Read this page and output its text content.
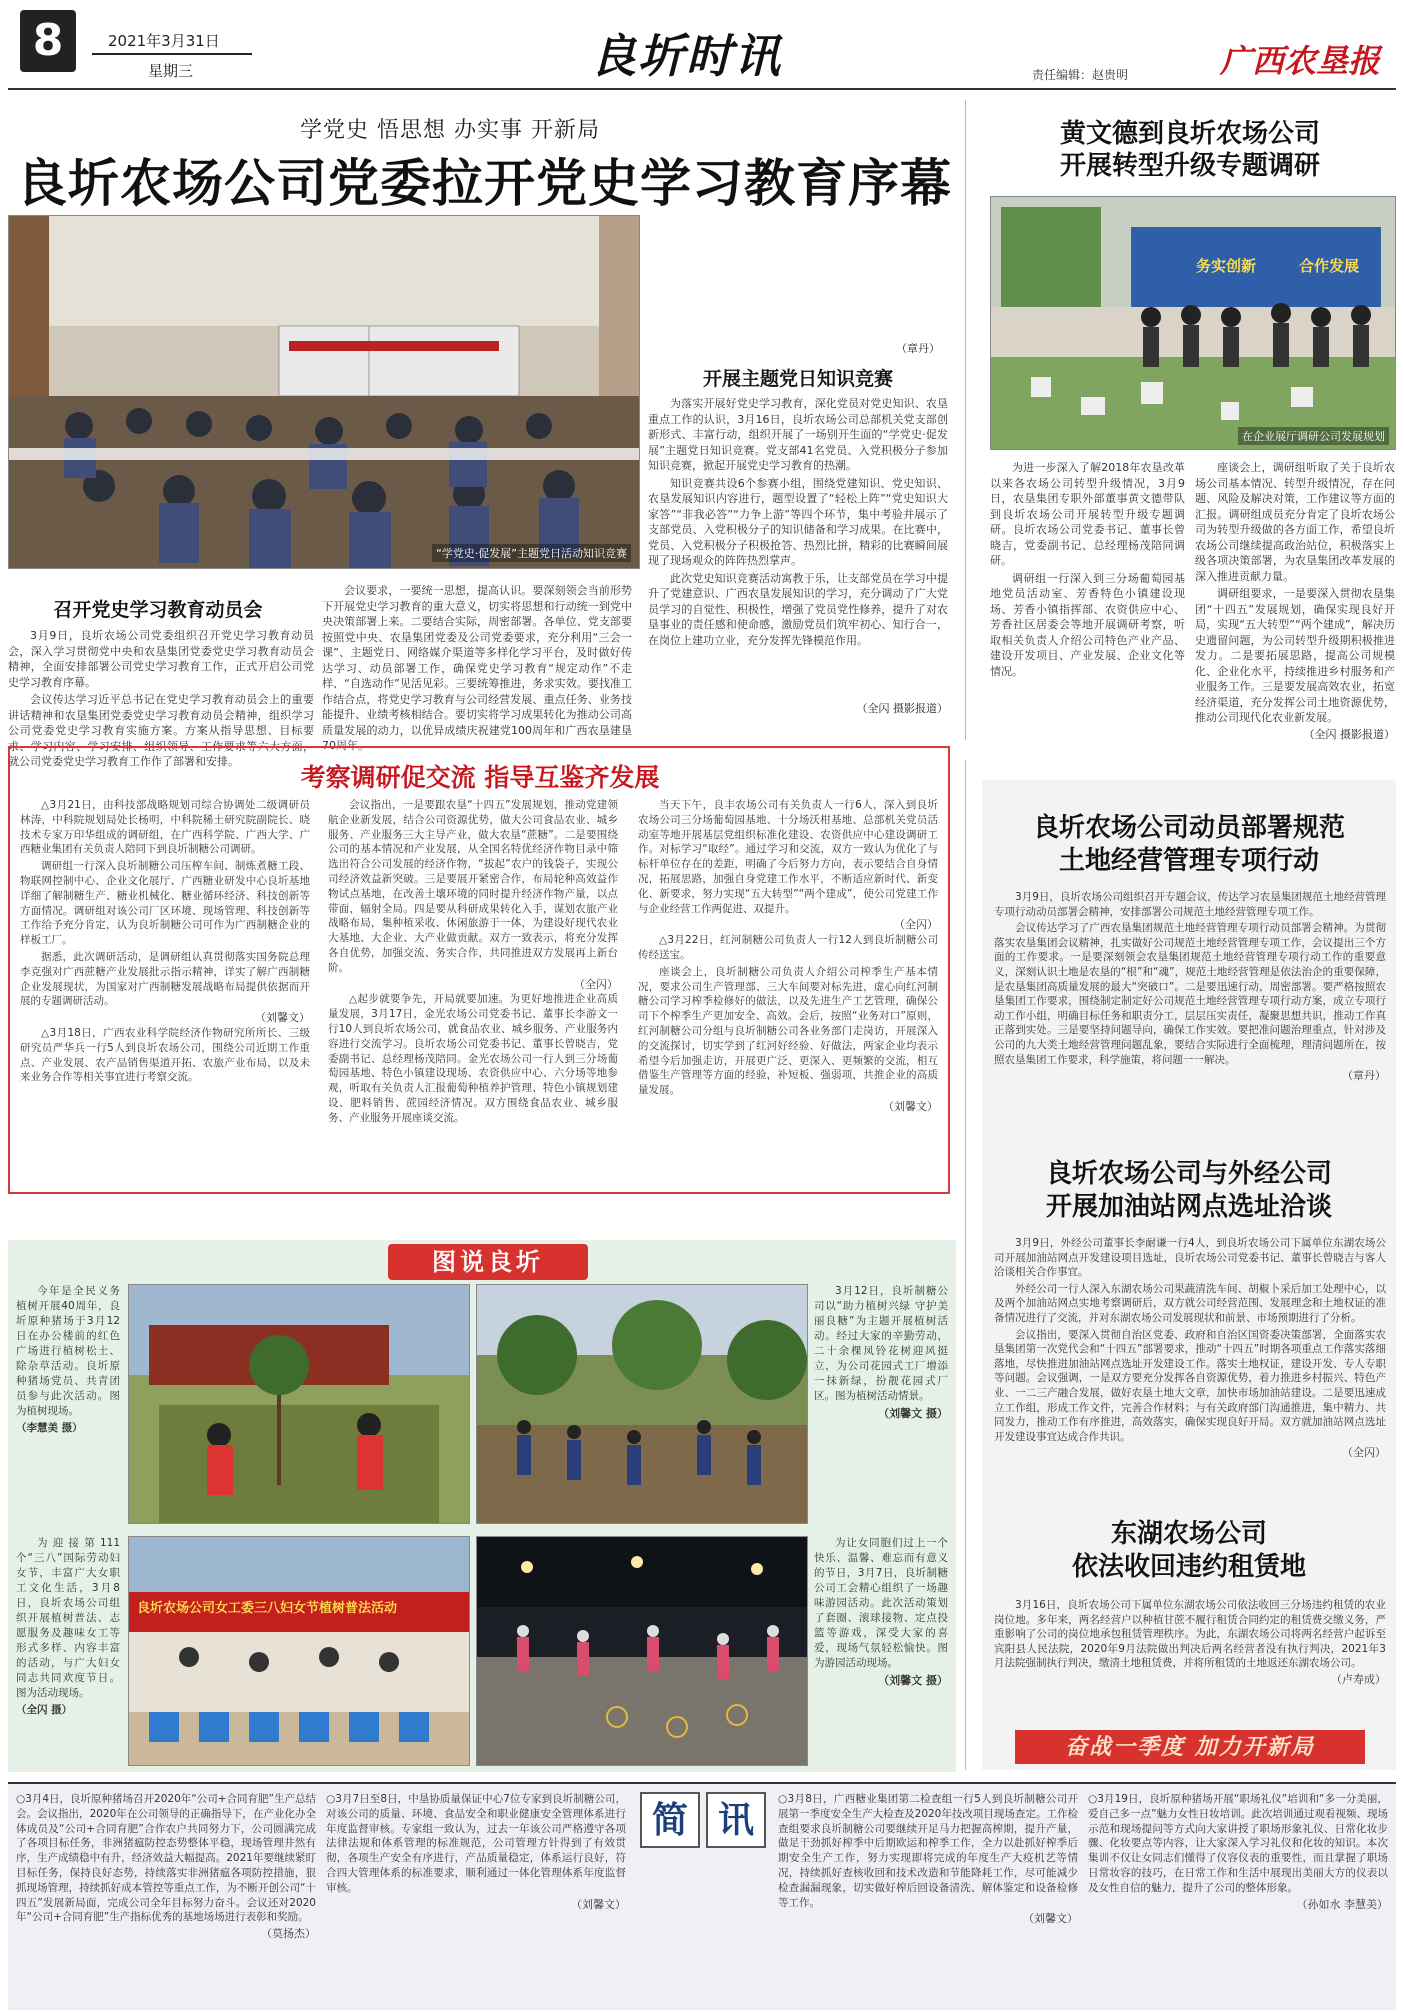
8	2021年3月31日
星期三	良圻时讯	责任编辑：赵贵明	广西农垦报
学党史 悟思想 办实事 开新局
良圻农场公司党委拉开党史学习教育序幕
“学党史·促发展”主题党日活动知识竞赛
召开党史学习教育动员会

3月9日，良圻农场公司党委组织召开党史学习教育动员会，深入学习贯彻党中央和农垦集团党委党史学习教育动员会精神，全面安排部署公司党史学习教育工作，正式开启公司党史学习教育序幕。

会议传达学习近平总书记在党史学习教育动员会上的重要讲话精神和农垦集团党委党史学习教育动员会精神，组织学习公司党委党史学习教育实施方案。方案从指导思想、目标要求、学习内容、学习安排、组织领导、工作要求等六大方面，就公司党委党史学习教育工作作了部署和安排。

会议要求，一要统一思想，提高认识。要深刻领会当前形势下开展党史学习教育的重大意义，切实将思想和行动统一到党中央决策部署上来。二要结合实际，周密部署。各单位、党支部要按照党中央、农垦集团党委及公司党委要求，充分利用“三会一课”、主题党日、网络媒介渠道等多样化学习平台，及时做好传达学习、动员部署工作，确保党史学习教育“规定动作”不走样、“自选动作”见活见彩。三要统筹推进，务求实效。要找准工作结合点，将党史学习教育与公司经营发展、重点任务、业务技能提升、业绩考核相结合。要切实将学习成果转化为推动公司高质量发展的动力，以优异成绩庆祝建党100周年和广西农垦建垦70周年。

（章丹）
开展主题党日知识竞赛

为落实开展好党史学习教育，深化党员对党史知识、农垦重点工作的认识，3月16日，良圻农场公司总部机关党支部创新形式、丰富行动，组织开展了一场别开生面的“学党史·促发展”主题党日知识竞赛。党支部41名党员、入党积极分子参加知识竞赛，掀起开展党史学习教育的热潮。

知识竞赛共设6个参赛小组，围绕党建知识、党史知识、农垦发展知识内容进行，题型设置了“轻松上阵”“党史知识大家答”“非我必答”“力争上游”等四个环节，集中考验并展示了支部党员、入党积极分子的知识储备和学习成果。在比赛中，党员、入党积极分子积极抢答、热烈比拼，精彩的比赛瞬间展现了现场观众的阵阵热烈掌声。

此次党史知识竞赛活动寓教于乐，让支部党员在学习中提升了党建意识、广西农垦发展知识的学习，充分调动了广大党员学习的自觉性、积极性，增强了党员党性修养，提升了对农垦事业的责任感和使命感，激励党员们筑牢初心、知行合一，在岗位上建功立业，充分发挥先锋模范作用。

（全闪 摄影报道）
黄文德到良圻农场公司
开展转型升级专题调研
务实创新	合作发展
在企业展厅调研公司发展规划

为进一步深入了解2018年农垦改革以来各农场公司转型升级情况，3月9日，农垦集团专职外部董事黄文德带队到良圻农场公司开展转型升级专题调研。良圻农场公司党委书记、董事长曾晓吉，党委副书记、总经理杨茂陪同调研。

调研组一行深入到三分场葡萄园基地党员活动室、芳香特色小镇建设现场、芳香小镇指挥部、农资供应中心、芳香社区居委会等地开展调研考察，听取相关负责人介绍公司特色产业产品、建设开发项目、产业发展、企业文化等情况。

座谈会上，调研组听取了关于良圻农场公司基本情况、转型升级情况，存在问题、风险及解决对策，工作建议等方面的汇报。调研组成员充分肯定了良圻农场公司为转型升级做的各方面工作，希望良圻农场公司继续提高政治站位，积极落实上级各项决策部署，为农垦集团改革发展的深入推进贡献力量。

调研组要求，一是要深入贯彻农垦集团“十四五”发展规划，确保实现良好开局，实现“五大转型”“两个建成”，解决历史遗留问题，为公司转型升级期积极推进发力。二是要拓展思路，提高公司规模化、企业化水平，持续推进乡村服务和产业服务工作。三是要发展高效农业，拓宽经济渠道，充分发挥公司土地资源优势，推动公司现代化农业新发展。

（全闪 摄影报道）
考察调研促交流 指导互鉴齐发展

△3月21日，由科技部战略规划司综合协调处二级调研员林涛，中科院规划局处长杨明，中科院稀土研究院副院长、晓技术专家万印华组成的调研组，在广西科学院、广西大学、广西糖业集团有关负责人陪同下到良圻制糖公司调研。

调研组一行深入良圻制糖公司压榨车间、制炼煮糖工段、物联网控制中心、企业文化展厅、广西糖业研发中心良圻基地详细了解制糖生产、糖业机械化、糖业循环经济、科技创新等方面情况。调研组对该公司厂区环境、现场管理、科技创新等工作给予充分肯定，认为良圻制糖公司可作为广西制糖企业的样板工厂。

据悉，此次调研活动，是调研组认真贯彻落实国务院总理李克强对广西蔗糖产业发展批示指示精神，详实了解广西制糖企业发展现状，为国家对广西制糖发展战略布局提供依据而开展的专题调研活动。

（刘馨文）

△3月18日，广西农业科学院经济作物研究所所长、三级研究员严华兵一行5人到良圻农场公司，围绕公司近期工作重点、产业发展、农产品销售渠道开拓、农旅产业布局，以及未来业务合作等相关事宜进行考察交流。

会议指出，一是要跟农垦“十四五”发展规划，推动党建领航企业新发展，结合公司资源优势，做大公司食品农业、城乡服务、产业服务三大主导产业，做大农垦“蔗糖”。二是要围绕公司的基本情况和产业发展，从全国名特优经济作物目录中筛选出符合公司发展的经济作物，“拔起”农户的钱袋子，实现公司经济效益新突破。三是要展开紧密合作，布局轮种高效益作物试点基地，在改善土壤环境的同时提升经济作物产量，以点带面，辐射全局。四是要从科研成果转化入手，谋划农旅产业战略布局，集种植采收、休闲旅游于一体，为建设好现代农业大基地、大企业、大产业做贡献。双方一致表示，将充分发挥各自优势，加强交流、务实合作，共同推进双方发展再上新台阶。

（全闪）

△起步就要争先，开局就要加速。为更好地推进企业高质量发展，3月17日，金光农场公司党委书记、董事长李游文一行10人到良圻农场公司，就食品农业、城乡服务、产业服务内容进行交流学习。良圻农场公司党委书记、董事长曾晓吉，党委副书记、总经理杨茂陪同。金光农场公司一行人到三分场葡萄园基地、特色小镇建设现场、农资供应中心、六分场等地参观，听取有关负责人汇报葡萄种植养护管理、特色小镇规划建设、肥料销售、蔗园经济情况。双方围绕食品农业、城乡服务、产业服务开展座谈交流。

当天下午，良丰农场公司有关负责人一行6人，深入到良圻农场公司三分场葡萄园基地、十分场沃柑基地、总部机关党员活动室等地开展基层党组织标准化建设、农资供应中心建设调研工作。对标学习“取经”。通过学习和交流，双方一致认为优化了与标杆单位存在的差距，明确了今后努力方向，表示要结合自身情况，拓展思路，加强自身党建工作水平，不断适应新时代、新变化、新要求，努力实现“五大转型”“两个建成”，使公司党建工作与企业经营工作两促进、双提升。

（全闪）

△3月22日，红河制糖公司负责人一行12人到良圻制糖公司传经送宝。

座谈会上，良圻制糖公司负责人介绍公司榨季生产基本情况，要求公司生产管理部、三大车间要对标先进，虚心向红河制糖公司学习榨季检修好的做法，以及先进生产工艺管理，确保公司下个榨季生产更加安全、高效。会后，按照“业务对口”原则，红河制糖公司分组与良圻制糖公司各业务部门走岗访，开展深入的交流探讨，切实学到了红河好经验、好做法，两家企业均表示希望今后加强走访，开展更广泛、更深入、更频繁的交流，相互借鉴生产管理等方面的经验，补短板、强弱项，共推企业的高质量发展。

（刘馨文）
良圻农场公司动员部署规范
土地经营管理专项行动

3月9日，良圻农场公司组织召开专题会议，传达学习农垦集团规范土地经营管理专项行动动员部署会精神，安排部署公司规范土地经营管理专项工作。

会议传达学习了广西农垦集团规范土地经营管理专项行动员部署会精神。为贯彻落实农垦集团会议精神，扎实做好公司规范土地经营管理专项工作，会议提出三个方面的工作要求。一是要深刻领会农垦集团规范土地经营管理专项行动工作的重要意义，深刻认识土地是农垦的“根”和“魂”，规范土地经营管理是依法治企的重要保障，是农垦集团高质量发展的最大“突破口”。二是要迅速行动，周密部署。要严格按照农垦集团工作要求，围绕制定制定好公司规范土地经营管理专项行动方案，成立专项行动工作小组，明确目标任务和职责分工，层层压实责任，凝聚思想共识，推动工作真正落到实处。三是要坚持问题导向，确保工作实效。要把准问题治理重点，针对涉及公司的九大类土地经营管理问题乱象，要结合实际进行全面梳理，理清问题所在，按照农垦集团工作要求，科学施策，将问题一一解决。

（章丹）
良圻农场公司与外经公司
开展加油站网点选址洽谈

3月9日，外经公司董事长李耐谦一行4人，到良圻农场公司下属单位东湖农场公司开展加油站网点开发建设项目选址，良圻农场公司党委书记、董事长曾晓吉与客人洽谈相关合作事宜。

外经公司一行人深入东湖农场公司果蔬清洗车间、胡椒卜采后加工处理中心，以及两个加油站网点实地考察调研后，双方就公司经营范围、发展理念和土地权证的准备情况进行了交流，并对东湖农场公司发展现状和前景、市场预期进行了分析。

会议指出，要深入贯彻自治区党委、政府和自治区国资委决策部署，全面落实农垦集团第一次党代会和“十四五”部署要求，推动“十四五”时期各项重点工作落实落细落地，尽快推进加油站网点选址开发建设工作。落实土地权证，建设开发、专人专职等问题。会议强调，一是双方要充分发挥各自资源优势，着力推进乡村振兴、特色产业、一二三产融合发展，做好农垦土地大文章，加快市场加油站建设。二是要迅速成立工作组，形成工作文件，完善合作材料；与有关政府部门沟通推进，集中精力、共同发力，推动工作有序推进，高效落实，确保实现良好开局。双方就加油站网点选址开发建设事宜达成合作共识。

（全闪）
东湖农场公司
依法收回违约租赁地

3月16日，良圻农场公司下属单位东湖农场公司依法收回三分场违约租赁的农业岗位地。多年来，两名经营户以种植甘蔗不履行租赁合同约定的租赁费交缴义务，严重影响了公司的岗位地承包租赁管理秩序。为此，东湖农场公司将两名经营户起诉至宾阳县人民法院，2020年9月法院做出判决后两名经营者没有执行判决，2021年3月法院强制执行判决，缴清土地租赁费，并将所租赁的土地返还东湖农场公司。

（卢寿成）
奋战一季度 加力开新局
图说良圻

今年是全民义务植树开展40周年，良圻原种猪场于3月12日在办公楼前的红色广场进行植树松土、除杂草活动。良圻原种猪场党员、共青团员参与此次活动。图为植树现场。

（李慧美 摄）

3月12日，良圻制糖公司以“助力植树兴绿 守护美丽良糖”为主题开展植树活动。经过大家的辛勤劳动，二十余棵凤铃花树迎风挺立，为公司花园式工厂增添一抹新绿，扮靓花园式厂区。图为植树活动情景。

（刘馨文 摄）

为迎接第111个“三八”国际劳动妇女节，丰富广大女职工文化生活，3月8日，良圻农场公司组织开展植树普法、志愿服务及趣味女工等形式多样、内容丰富的活动，与广大妇女同志共同欢度节日。图为活动现场。

（全闪 摄）
良圻农场公司女工委三八妇女节植树普法活动

为让女同胞们过上一个快乐、温馨、难忘而有意义的节日，3月7日，良圻制糖公司工会精心组织了一场趣味游园活动。此次活动策划了套圈、滚球接物、定点投篮等游戏，深受大家的喜爱，现场气氛轻松愉快。图为游园活动现场。

（刘馨文 摄）

○3月4日，良圻原种猪场召开2020年“公司+合同育肥”生产总结会。会议指出，2020年在公司领导的正确指导下，在产业化办全体成员及“公司+合同育肥”合作农户共同努力下，公司圆满完成了各项目标任务，非洲猪瘟防控态势整体平稳，现场管理井然有序，生产成绩稳中有升，经济效益大幅提高。2021年要继续紧盯目标任务，保持良好态势，持续落实非洲猪瘟各项防控措施，狠抓现场管理，持续抓好成本管控等重点工作，为不断开创公司“十四五”发展新局面，完成公司全年目标努力奋斗。会议还对2020年“公司+合同育肥”生产指标优秀的基地场场进行表彰和奖励。

（莫扬杰）

○3月7日至8日，中垦协质量保证中心7位专家到良圻制糖公司，对该公司的质量、环境、食品安全和职业健康安全管理体系进行年度监督审核。专家组一致认为，过去一年该公司严格遵守各项法律法规和体系管理的标准规范，公司管理方针得到了有效贯彻，各项生产安全有序进行，产品质量稳定，体系运行良好，符合四大管理体系的标准要求，顺利通过一体化管理体系年度监督审核。

（刘馨文）
简 讯	○3月8日，广西糖业集团第二检查组一行5人到良圻制糖公司开展第一季度安全生产大检查及2020年技改项目现场查定。工作检查组要求良圻制糖公司要继续开足马力把握高榨期，提升产量，做足干劲抓好榨季中后期欧运和榨季工作，全力以赴抓好榨季后期安全生产工作，努力实现即将完成的年度生产大疫机艺等情况，持续抓好查核收回和技术改造和节能降耗工作，尽可能减少检查漏漏现象，切实做好榨后回设备清洗、解体鉴定和设备检修等工作。

（刘馨文）

○3月19日，良圻原种猪场开展“职场礼仪”培训和“多一分美丽，爱自己多一点”魅力女性日妆培训。此次培训通过观看视频、现场示范和现场提问等方式向大家讲授了职场形象礼仪、日常化妆步骤、化妆要点等内容，让大家深入学习礼仪和化妆的知识。本次集训不仅让女同志们懂得了仪容仪表的重要性，而且掌握了职场日常妆容的技巧，在日常工作和生活中展现出美丽大方的仪表以及女性自信的魅力，提升了公司的整体形象。

（孙如水 李慧美）
